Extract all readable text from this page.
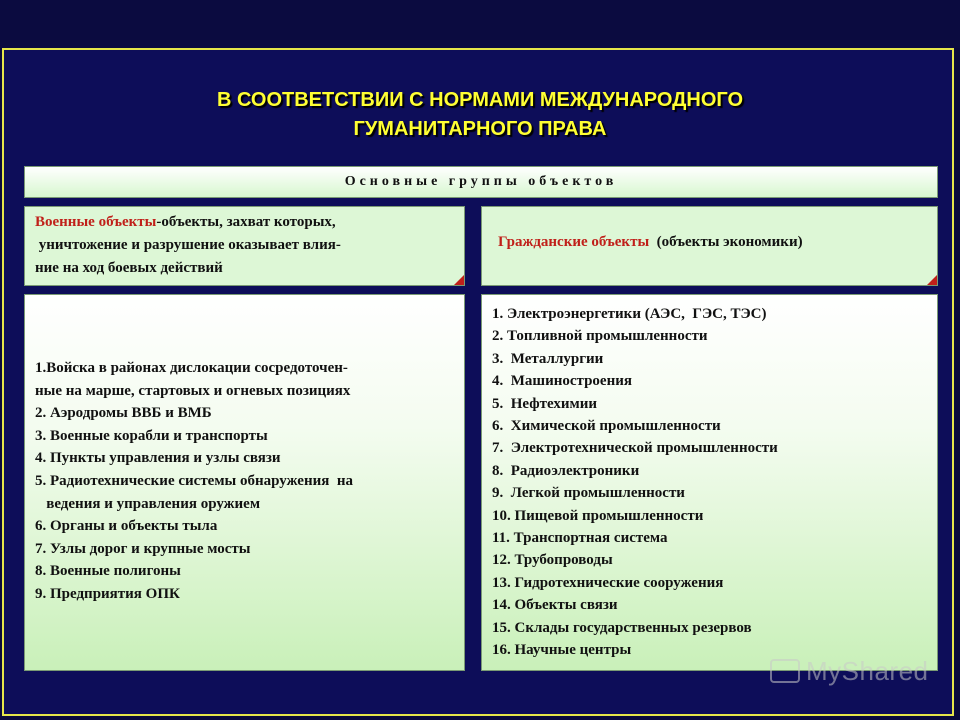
В СООТВЕТСТВИИ С НОРМАМИ МЕЖДУНАРОДНОГО
ГУМАНИТАРНОГО ПРАВА
Основные группы объектов
Военные объекты-объекты, захват которых,
уничтожение и разрушение оказывает влия-
ние на ход боевых действий
Гражданские объекты  (объекты экономики)
1.Войска в районах дислокации сосредоточен-
ные на марше, стартовых и огневых позициях
2. Аэродромы ВВБ и ВМБ
3. Военные корабли и транспорты
4. Пункты управления и узлы связи
5. Радиотехнические системы обнаружения  на
ведения и управления оружием
6. Органы и объекты тыла
7. Узлы дорог и крупные мосты
8. Военные полигоны
9. Предприятия ОПК
1. Электроэнергетики (АЭС,  ГЭС, ТЭС)
2. Топливной промышленности
3.  Металлургии
4.  Машиностроения
5.  Нефтехимии
6.  Химической промышленности
7.  Электротехнической промышленности
8.  Радиоэлектроники
9.  Легкой промышленности
10. Пищевой промышленности
11. Транспортная система
12. Трубопроводы
13. Гидротехнические сооружения
14. Объекты связи
15. Склады государственных резервов
16. Научные центры
MyShared
